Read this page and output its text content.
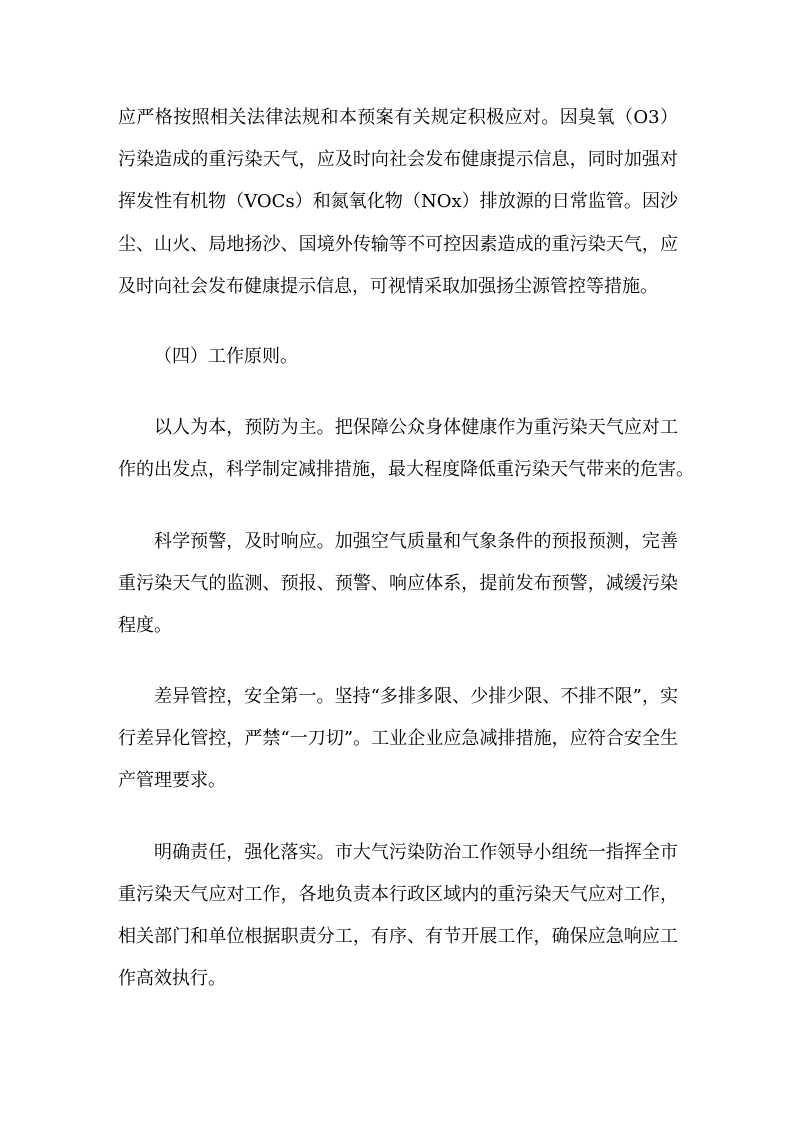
应严格按照相关法律法规和本预案有关规定积极应对。因臭氧（O3）
污染造成的重污染天气，应及时向社会发布健康提示信息，同时加强对
挥发性有机物（VOCs）和氮氧化物（NOx）排放源的日常监管。因沙
尘、山火、局地扬沙、国境外传输等不可控因素造成的重污染天气，应
及时向社会发布健康提示信息，可视情采取加强扬尘源管控等措施。
（四）工作原则。
以人为本，预防为主。把保障公众身体健康作为重污染天气应对工
作的出发点，科学制定减排措施，最大程度降低重污染天气带来的危害。
科学预警，及时响应。加强空气质量和气象条件的预报预测，完善
重污染天气的监测、预报、预警、响应体系，提前发布预警，减缓污染
程度。
差异管控，安全第一。坚持“多排多限、少排少限、不排不限”，实
行差异化管控，严禁“一刀切”。工业企业应急减排措施，应符合安全生
产管理要求。
明确责任，强化落实。市大气污染防治工作领导小组统一指挥全市
重污染天气应对工作，各地负责本行政区域内的重污染天气应对工作，
相关部门和单位根据职责分工，有序、有节开展工作，确保应急响应工
作高效执行。
